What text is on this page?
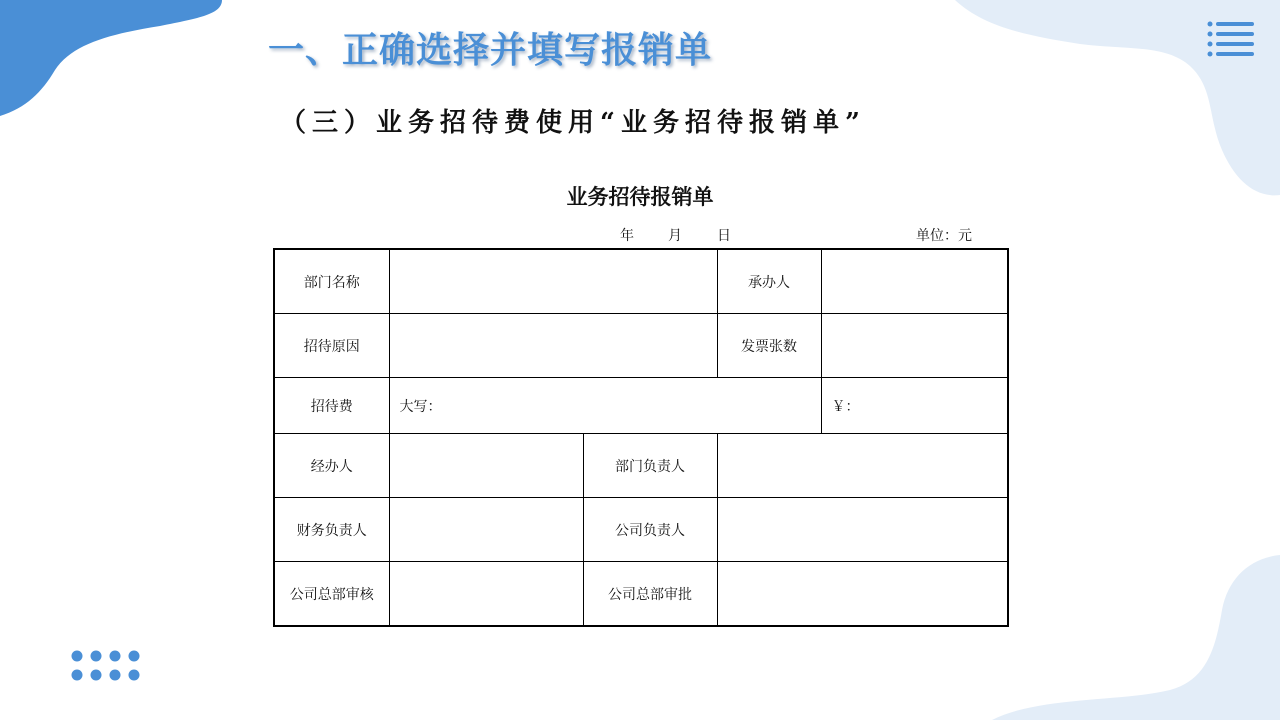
一、正确选择并填写报销单
（三）业务招待费使用“业务招待报销单”
业务招待报销单
年 月	日	单位：元
部门名称			承办人	
招待原因			发票张数	
招待费	大写：			￥：
经办人		部门负责人		
财务负责人		公司负责人		
公司总部审核		公司总部审批		
